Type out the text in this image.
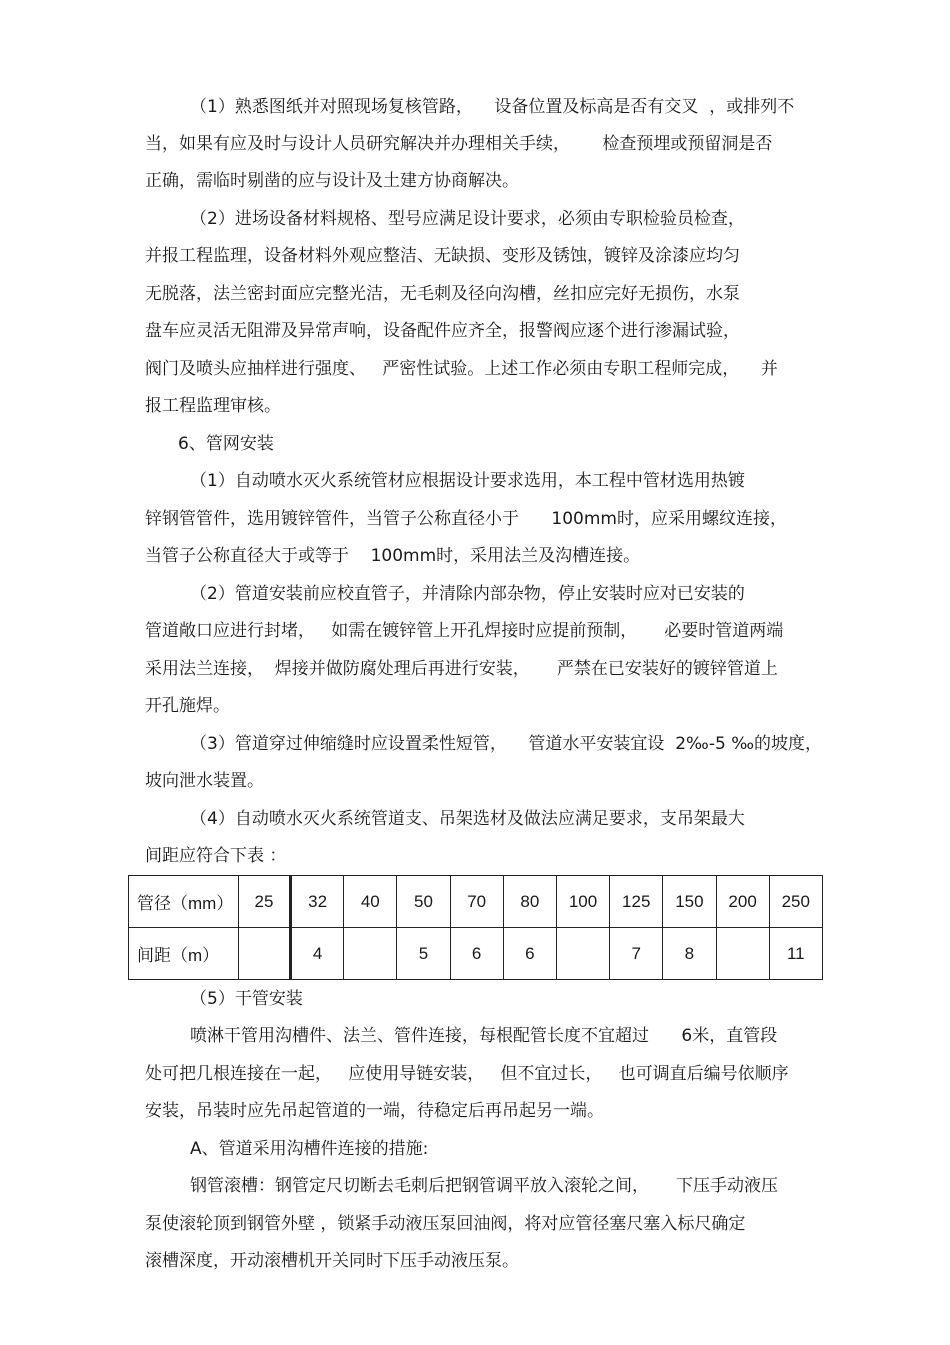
（1）熟悉图纸并对照现场复核管路，    设备位置及标高是否有交叉  ，或排列不
当，如果有应及时与设计人员研究解决并办理相关手续，      检查预埋或预留洞是否
正确，需临时剔凿的应与设计及土建方协商解决。
（2）进场设备材料规格、型号应满足设计要求，必须由专职检验员检查，
并报工程监理，设备材料外观应整洁、无缺损、变形及锈蚀，镀锌及涂漆应均匀
无脱落，法兰密封面应完整光洁，无毛刺及径向沟槽，丝扣应完好无损伤，水泵
盘车应灵活无阻滞及异常声响，设备配件应齐全，报警阀应逐个进行渗漏试验，
阀门及喷头应抽样进行强度、   严密性试验。上述工作必须由专职工程师完成，    并
报工程监理审核。
6、管网安装
（1）自动喷水灭火系统管材应根据设计要求选用，本工程中管材选用热镀
锌钢管管件，选用镀锌管件，当管子公称直径小于      100mm时，应采用螺纹连接，
当管子公称直径大于或等于    100mm时，采用法兰及沟槽连接。
（2）管道安装前应校直管子，并清除内部杂物，停止安装时应对已安装的
管道敞口应进行封堵，   如需在镀锌管上开孔焊接时应提前预制，     必要时管道两端
采用法兰连接，  焊接并做防腐处理后再进行安装，     严禁在已安装好的镀锌管道上
开孔施焊。
（3）管道穿过伸缩缝时应设置柔性短管，    管道水平安装宜设  2‰-5 ‰的坡度，
坡向泄水装置。
（4）自动喷水灭火系统管道支、吊架选材及做法应满足要求，支吊架最大
间距应符合下表 ：
管径（mm）	25	32	40	50	70	80	100	125	150	200	250
间距（m）		4		5	6	6		7	8		11
（5）干管安装
喷淋干管用沟槽件、法兰、管件连接，每根配管长度不宜超过      6米，直管段
处可把几根连接在一起，   应使用导链安装，   但不宜过长，   也可调直后编号依顺序
安装，吊装时应先吊起管道的一端，待稳定后再吊起另一端。
A、管道采用沟槽件连接的措施:
钢管滚槽：钢管定尺切断去毛刺后把钢管调平放入滚轮之间，     下压手动液压
泵使滚轮顶到钢管外壁 ，锁紧手动液压泵回油阀，将对应管径塞尺塞入标尺确定
滚槽深度，开动滚槽机开关同时下压手动液压泵。
